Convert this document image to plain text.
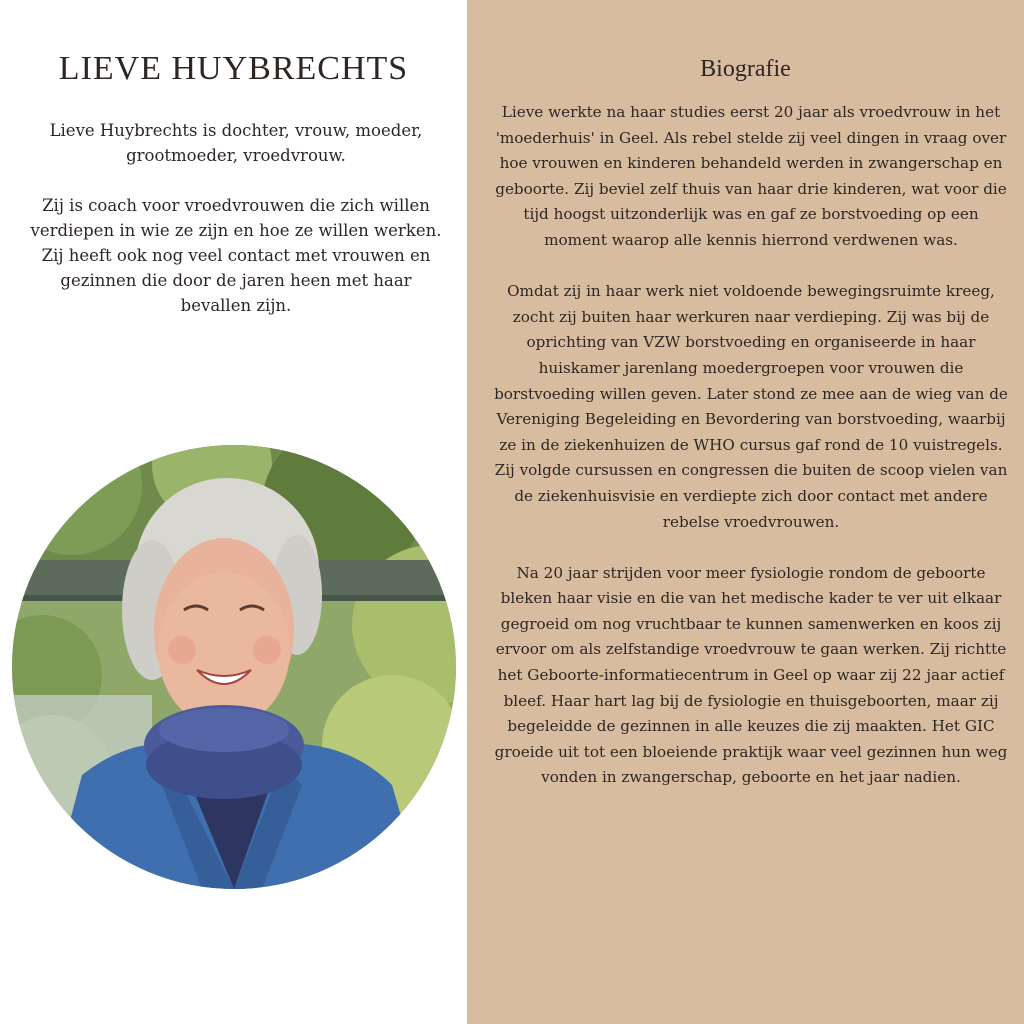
LIEVE HUYBRECHTS

Lieve Huybrechts is dochter, vrouw, moeder, grootmoeder, vroedvrouw.

Zij is coach voor vroedvrouwen die zich willen verdiepen in wie ze zijn en hoe ze willen werken. Zij heeft ook nog veel contact met vrouwen en gezinnen die door de jaren heen met haar bevallen zijn.

Biografie

Lieve werkte na haar studies eerst 20 jaar als vroedvrouw in het 'moederhuis' in Geel. Als rebel stelde zij veel dingen in vraag over hoe vrouwen en kinderen behandeld werden in zwangerschap en geboorte. Zij beviel zelf thuis van haar drie kinderen, wat voor die tijd hoogst uitzonderlijk was en gaf ze borstvoeding op een moment waarop alle kennis hierrond verdwenen was.

Omdat zij in haar werk niet voldoende bewegingsruimte kreeg, zocht zij buiten haar werkuren naar verdieping. Zij was bij de oprichting van VZW borstvoeding en organiseerde in haar huiskamer jarenlang moedergroepen voor vrouwen die borstvoeding willen geven. Later stond ze mee aan de wieg van de Vereniging Begeleiding en Bevordering van borstvoeding, waarbij ze in de ziekenhuizen de WHO cursus gaf rond de 10 vuistregels. Zij volgde cursussen en congressen die buiten de scoop vielen van de ziekenhuisvisie en verdiepte zich door contact met andere rebelse vroedvrouwen.

Na 20 jaar strijden voor meer fysiologie rondom de geboorte bleken haar visie en die van het medische kader te ver uit elkaar gegroeid om nog vruchtbaar te kunnen samenwerken en koos zij ervoor om als zelfstandige vroedvrouw te gaan werken. Zij richtte het Geboorte-informatiecentrum in Geel op waar zij 22 jaar actief bleef. Haar hart lag bij de fysiologie en thuisgeboorten, maar zij begeleidde de gezinnen in alle keuzes die zij maakten. Het GIC groeide uit tot een bloeiende praktijk waar veel gezinnen hun weg vonden in zwangerschap, geboorte en het jaar nadien.
